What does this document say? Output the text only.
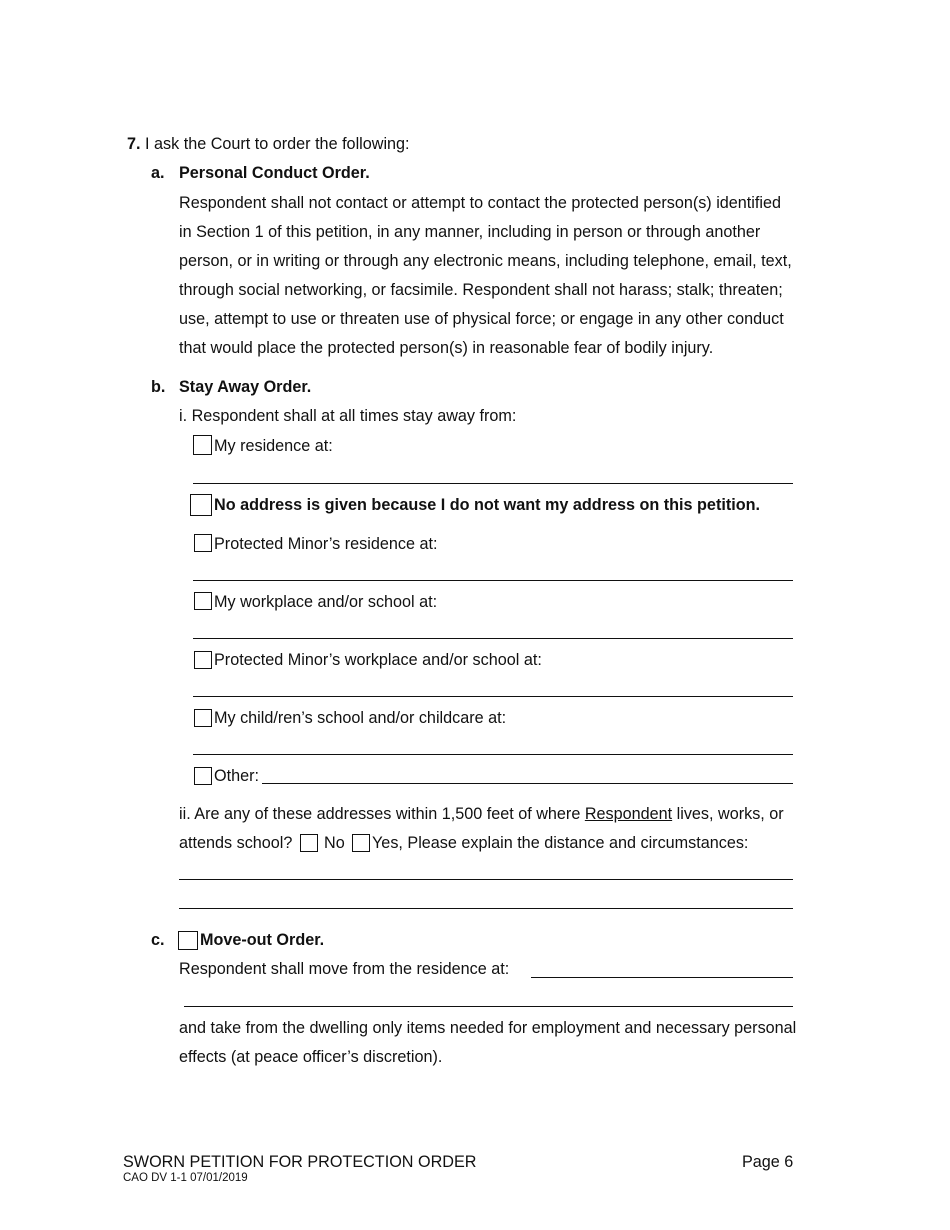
7. I ask the Court to order the following:
a. Personal Conduct Order.
Respondent shall not contact or attempt to contact the protected person(s) identified
in Section 1 of this petition, in any manner, including in person or through another
person, or in writing or through any electronic means, including telephone, email, text,
through social networking, or facsimile. Respondent shall not harass; stalk; threaten;
use, attempt to use or threaten use of physical force; or engage in any other conduct
that would place the protected person(s) in reasonable fear of bodily injury.
b. Stay Away Order.
i. Respondent shall at all times stay away from:
My residence at:
No address is given because I do not want my address on this petition.
Protected Minor’s residence at:
My workplace and/or school at:
Protected Minor’s workplace and/or school at:
My child/ren’s school and/or childcare at:
Other:
ii. Are any of these addresses within 1,500 feet of where Respondent lives, works, or
attends school? No Yes, Please explain the distance and circumstances:
c. Move-out Order.
Respondent shall move from the residence at:
and take from the dwelling only items needed for employment and necessary personal
effects (at peace officer’s discretion).
SWORN PETITION FOR PROTECTION ORDER
CAO DV 1-1 07/01/2019
Page 6
